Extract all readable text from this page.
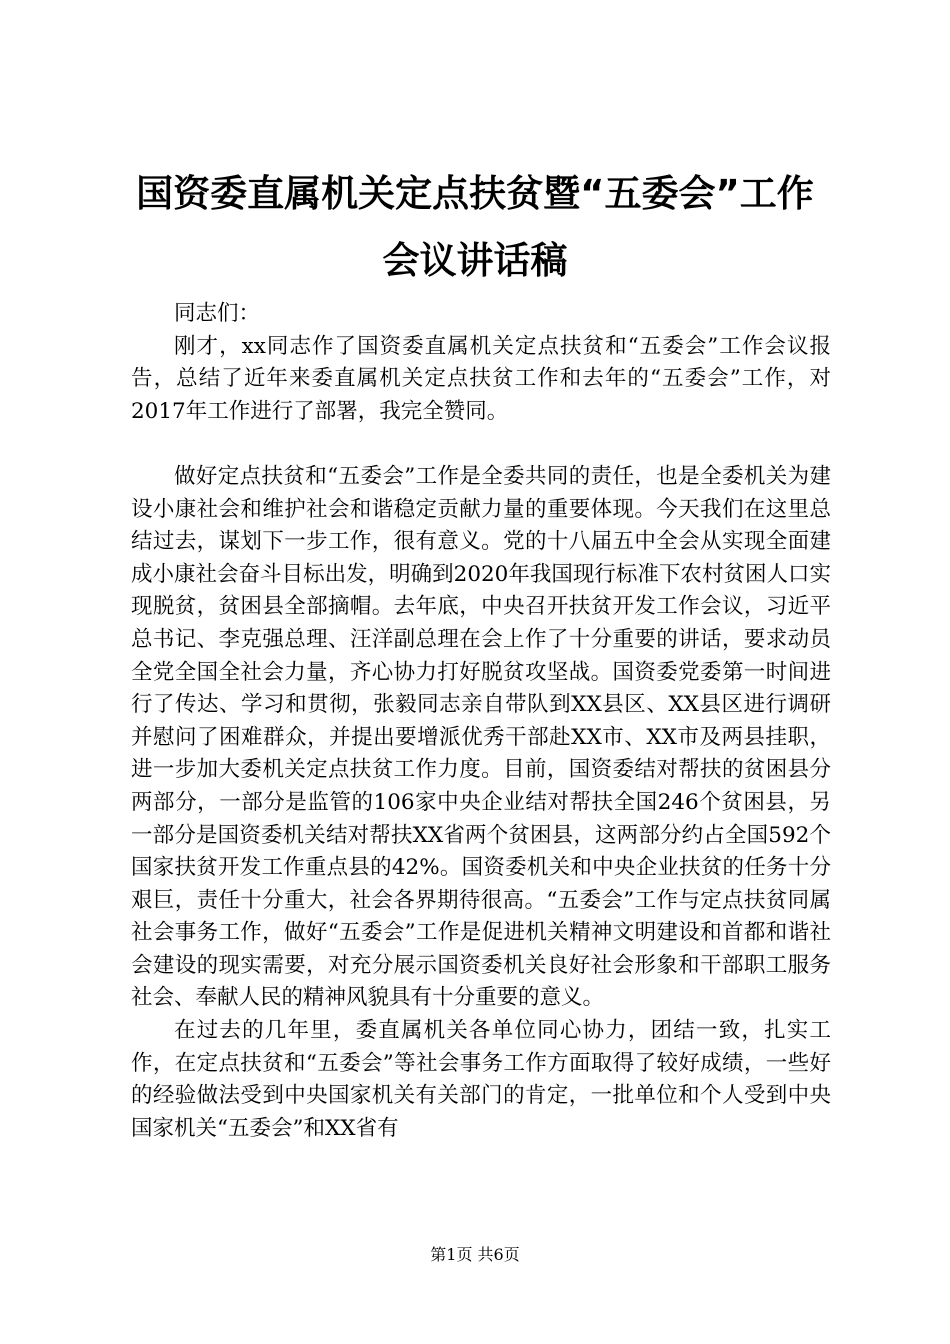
国资委直属机关定点扶贫暨“五委会”工作会议讲话稿

同志们：

刚才，xx同志作了国资委直属机关定点扶贫和“五委会”工作会议报告，总结了近年来委直属机关定点扶贫工作和去年的“五委会”工作，对2017年工作进行了部署，我完全赞同。

做好定点扶贫和“五委会”工作是全委共同的责任，也是全委机关为建设小康社会和维护社会和谐稳定贡献力量的重要体现。今天我们在这里总结过去，谋划下一步工作，很有意义。党的十八届五中全会从实现全面建成小康社会奋斗目标出发，明确到2020年我国现行标准下农村贫困人口实现脱贫，贫困县全部摘帽。去年底，中央召开扶贫开发工作会议，习近平总书记、李克强总理、汪洋副总理在会上作了十分重要的讲话，要求动员全党全国全社会力量，齐心协力打好脱贫攻坚战。国资委党委第一时间进行了传达、学习和贯彻，张毅同志亲自带队到XX县区、XX县区进行调研并慰问了困难群众，并提出要增派优秀干部赴XX市、XX市及两县挂职，进一步加大委机关定点扶贫工作力度。目前，国资委结对帮扶的贫困县分两部分，一部分是监管的106家中央企业结对帮扶全国246个贫困县，另一部分是国资委机关结对帮扶XX省两个贫困县，这两部分约占全国592个国家扶贫开发工作重点县的42%。国资委机关和中央企业扶贫的任务十分艰巨，责任十分重大，社会各界期待很高。“五委会”工作与定点扶贫同属社会事务工作，做好“五委会”工作是促进机关精神文明建设和首都和谐社会建设的现实需要，对充分展示国资委机关良好社会形象和干部职工服务社会、奉献人民的精神风貌具有十分重要的意义。

在过去的几年里，委直属机关各单位同心协力，团结一致，扎实工作，在定点扶贫和“五委会”等社会事务工作方面取得了较好成绩，一些好的经验做法受到中央国家机关有关部门的肯定，一批单位和个人受到中央国家机关“五委会”和XX省有

第1页 共6页
